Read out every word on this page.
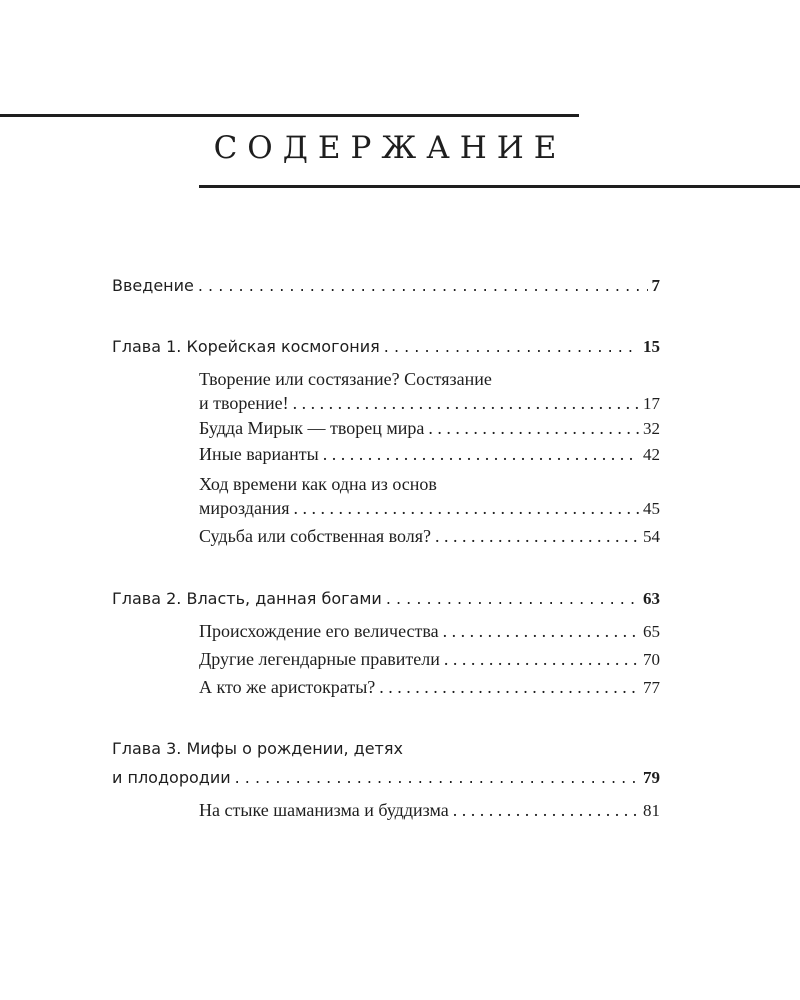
СОДЕРЖАНИЕ
Введение . . .	7
Глава 1. Корейская космогония . . .	15
Творение или состязание? Состязание
и творение! . . .	17
Будда Мирык — творец мира . . .	32
Иные варианты . . .	42
Ход времени как одна из основ
мироздания . . .	45
Судьба или собственная воля? . . .	54
Глава 2. Власть, данная богами . . .	63
Происхождение его величества . . .	65
Другие легендарные правители . . .	70
А кто же аристократы? . . .	77
Глава 3. Мифы о рождении, детях
и плодородии . . .	79
На стыке шаманизма и буддизма . . .	81
